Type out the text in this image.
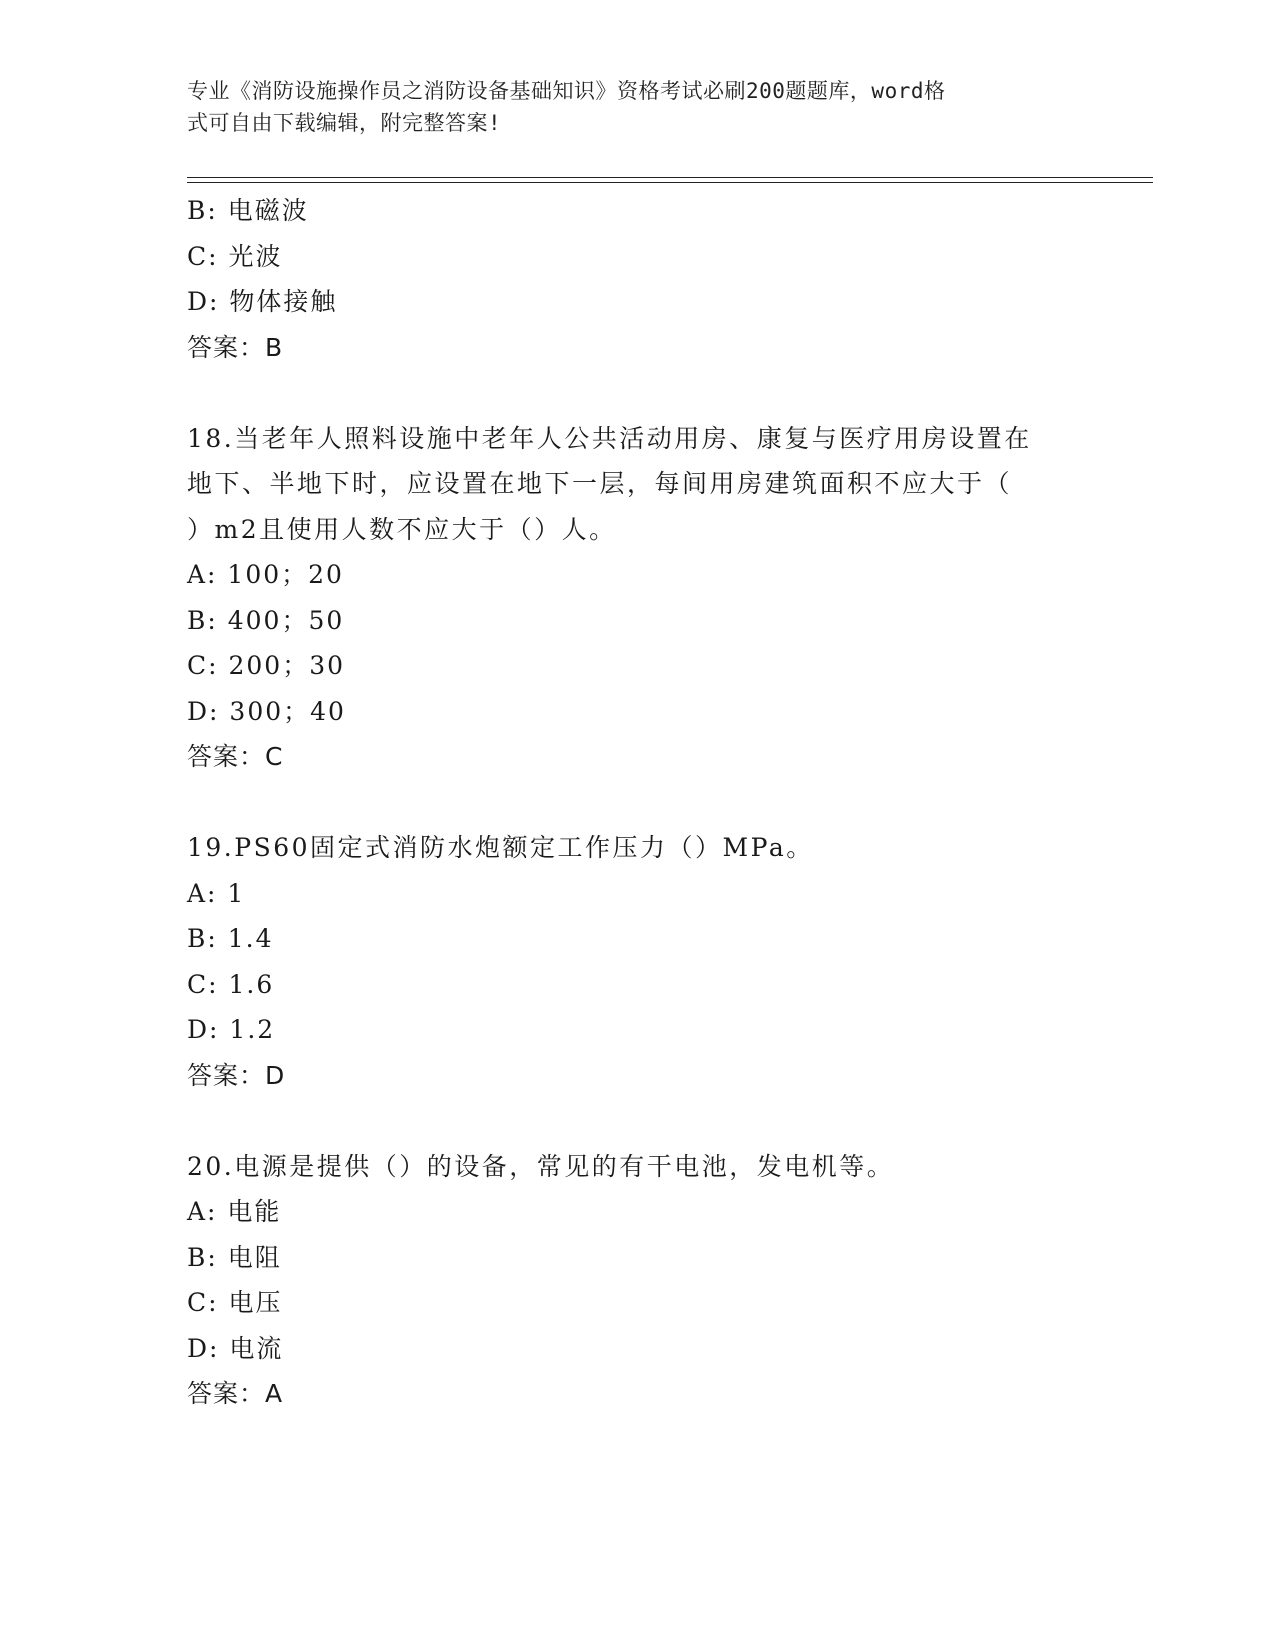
专业《消防设施操作员之消防设备基础知识》资格考试必刷200题题库，word格
式可自由下载编辑，附完整答案!
B: 电磁波
C: 光波
D: 物体接触
答案：B
18.当老年人照料设施中老年人公共活动用房、康复与医疗用房设置在
地下、半地下时，应设置在地下一层，每间用房建筑面积不应大于（
）m2且使用人数不应大于（）人。
A: 100；20
B: 400；50
C: 200；30
D: 300；40
答案：C
19.PS60固定式消防水炮额定工作压力（）MPa。
A: 1
B: 1.4
C: 1.6
D: 1.2
答案：D
20.电源是提供（）的设备，常见的有干电池，发电机等。
A: 电能
B: 电阻
C: 电压
D: 电流
答案：A
